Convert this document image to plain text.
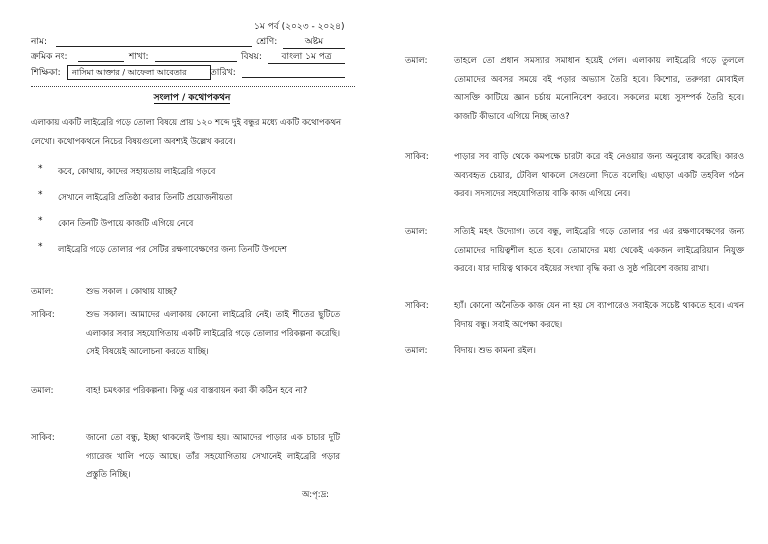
১ম পর্ব (২০২৩ - ২০২৪)
নাম:	শ্রেণি:	অষ্টম
ক্রমিক নং:	শাখা:	বিষয়:	বাংলা ১ম পত্র
শিক্ষিকা:	নাসিমা আক্তার / আফেলা আবেতার	তারিখ:
সংলাপ / কথোপকথন
এলাকায় একটি লাইব্রেরি গড়ে তোলা বিষয়ে প্রায় ১২০ শব্দে দুই বন্ধুর মধ্যে একটি কথোপকথন লেখো। কথোপকথনে নিচের বিষয়গুলো অবশ্যই উল্লেখ করবে।
*	কবে, কোথায়, কাদের সহায়তায় লাইব্রেরি গড়বে
*	সেখানে লাইব্রেরি প্রতিষ্ঠা করার তিনটি প্রয়োজনীয়তা
*	কোন তিনটি উপায়ে কাজটি এগিয়ে নেবে
*	লাইব্রেরি গড়ে তোলার পর সেটির রক্ষণাবেক্ষণের জন্য তিনটি উপদেশ
তমাল:	শুভ সকাল । কোথায় যাচ্ছ?
সাকিব:	শুভ সকাল। আমাদের এলাকায় কোনো লাইব্রেরি নেই। তাই শীতের ছুটিতে এলাকার সবার সহযোগিতায় একটি লাইব্রেরি গড়ে তোলার পরিকল্পনা করেছি। সেই বিষয়েই আলোচনা করতে যাচ্ছি।
তমাল:	বাহ! চমৎকার পরিকল্পনা। কিন্তু এর বাস্তবায়ন করা কী কঠিন হবে না?
সাকিব:	জানো তো বন্ধু, ইচ্ছা থাকলেই উপায় হয়। আমাদের পাড়ার এক চাচার দুটি গ্যারেজ খালি পড়ে আছে। তাঁর সহযোগিতায় সেখানেই লাইব্রেরি গড়ার প্রস্তুতি নিচ্ছি।
অ:পৃ:দ্র:
তমাল:	তাহলে তো প্রধান সমস্যার সমাধান হয়েই গেল। এলাকায় লাইব্রেরি গড়ে তুললে তোমাদের অবসর সময়ে বই পড়ার অভ্যাস তৈরি হবে। কিশোর, তরুণরা মোবাইল আসক্তি কাটিয়ে জ্ঞান চর্চায় মনোনিবেশ করবে। সকলের মধ্যে সুসম্পর্ক তৈরি হবে। কাজটি কীভাবে এগিয়ে নিচ্ছ তাও?
সাকিব:	পাড়ার সব বাড়ি থেকে কমপক্ষে চারটা করে বই নেওয়ার জন্য অনুরোধ করেছি। কারও অব্যবহৃত চেয়ার, টেবিল থাকলে সেগুলো দিতে বলেছি। এছাড়া একটি তহবিল গঠন করব। সদস্যদের সহযোগিতায় বাকি কাজ এগিয়ে নেব।
তমাল:	সত্যিই মহৎ উদ্যোগ। তবে বন্ধু, লাইব্রেরি গড়ে তোলার পর এর রক্ষণাবেক্ষণের জন্য তোমাদের দায়িত্বশীল হতে হবে। তোমাদের মধ্য থেকেই একজন লাইব্রেরিয়ান নিযুক্ত করবে। যার দায়িত্ব থাকবে বইয়ের সংখ্যা বৃদ্ধি করা ও সুষ্ঠ পরিবেশ বজায় রাখা।
সাকিব:	হ্যাঁ। কোনো অনৈতিক কাজ যেন না হয় সে ব্যাপারেও সবাইকে সচেষ্ট থাকতে হবে। এখন বিদায় বন্ধু। সবাই অপেক্ষা করছে।
তমাল:	বিদায়। শুভ কামনা রইল।
